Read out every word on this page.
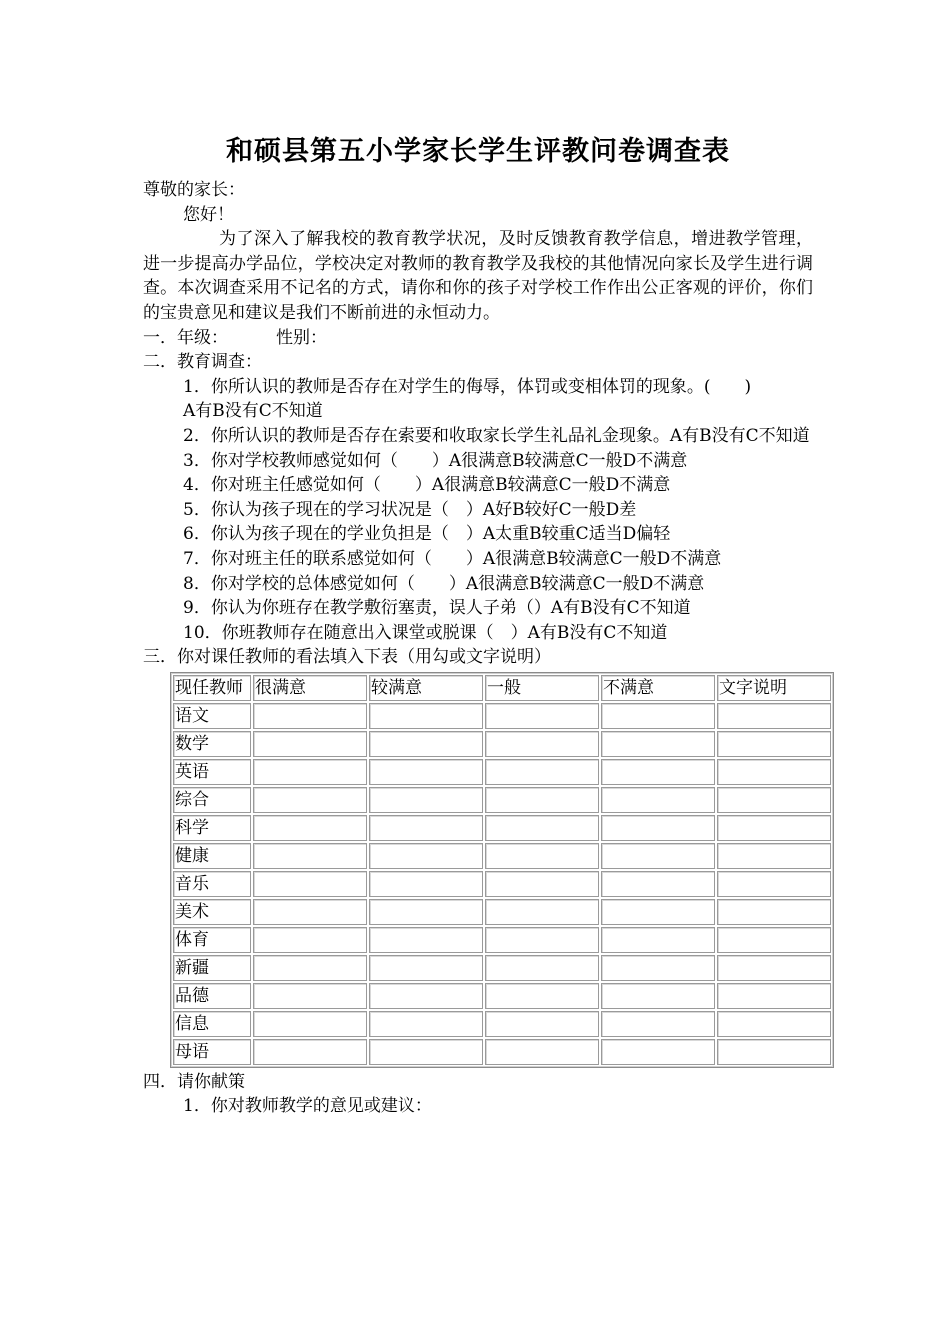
和硕县第五小学家长学生评教问卷调查表

尊敬的家长：

您好！

为了深入了解我校的教育教学状况，及时反馈教育教学信息，增进教学管理，进一步提高办学品位，学校决定对教师的教育教学及我校的其他情况向家长及学生进行调查。本次调查采用不记名的方式，请你和你的孩子对学校工作作出公正客观的评价，你们的宝贵意见和建议是我们不断前进的永恒动力。

一．年级：	性别：

二．教育调查：

1．你所认识的教师是否存在对学生的侮辱，体罚或变相体罚的现象。(　　)

A有B没有C不知道

2．你所认识的教师是否存在索要和收取家长学生礼品礼金现象。A有B没有C不知道

3．你对学校教师感觉如何（　　）A很满意B较满意C一般D不满意

4．你对班主任感觉如何（　　）A很满意B较满意C一般D不满意

5．你认为孩子现在的学习状况是（　）A好B较好C一般D差

6．你认为孩子现在的学业负担是（　）A太重B较重C适当D偏轻

7．你对班主任的联系感觉如何（　　）A很满意B较满意C一般D不满意

8．你对学校的总体感觉如何（　　）A很满意B较满意C一般D不满意

9．你认为你班存在教学敷衍塞责，误人子弟（）A有B没有C不知道

10．你班教师存在随意出入课堂或脱课（　）A有B没有C不知道

三．你对课任教师的看法填入下表（用勾或文字说明）

现任教师	很满意	较满意	一般	不满意	文字说明
语文					
数学					
英语					
综合					
科学					
健康					
音乐					
美术					
体育					
新疆					
品德					
信息					
母语					

四．请你献策

1．你对教师教学的意见或建议：
